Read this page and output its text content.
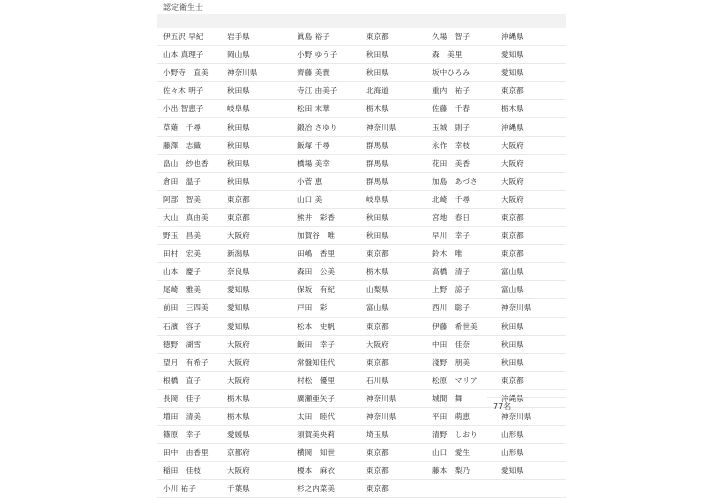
認定衛生士
伊五沢 早紀	岩手県	眞島 裕子	東京都	久場　智子	沖縄県
山本 真理子	岡山県	小野 ゆう子	秋田県	森　美里	愛知県
小野寺　直美	神奈川県	齊藤 美貴	秋田県	坂中ひろみ	愛知県
佐々木 明子	秋田県	寺江 由美子	北海道	重内　祐子	東京都
小出 智恵子	岐阜県	松田 末華	栃木県	佐藤　千春	栃木県
草薙　千尋	秋田県	鍛冶 さゆり	神奈川県	玉城　則子	沖縄県
藤澤　志織	秋田県	飯塚 千尋	群馬県	永作　幸枝	大阪府
畠山　紗也香	秋田県	橋場 美幸	群馬県	花田　美香	大阪府
倉田　温子	秋田県	小菅 恵	群馬県	加島　あづさ	大阪府
阿部　智美	東京都	山口 美	岐阜県	北崎　千尋	大阪府
大山　真由美	東京都	熊井　彩香	秋田県	宮地　春日	東京都
野玉　昌美	大阪府	加賀谷　唯	秋田県	早川　幸子	東京都
田村　宏美	新潟県	田嶋　香里	東京都	鈴木　唯	東京都
山本　慶子	奈良県	森田　公美	栃木県	高橋　清子	富山県
尾崎　雅美	愛知県	保坂　有紀	山梨県	上野　諒子	富山県
前田　三四美	愛知県	戸田　彩	富山県	西川　聡子	神奈川県
石濱　容子	愛知県	松本　史帆	東京都	伊藤　希世美	秋田県
徳野　湖雪	大阪府	飯田　幸子	大阪府	中田　佳奈	秋田県
望月　有希子	大阪府	常盤知佳代	東京都	淺野　朋美	秋田県
根橋　直子	大阪府	村松　優里	石川県	松原　マリア	東京都
長岡　佳子	栃木県	廣瀬亜矢子	神奈川県	城間　舞	沖縄県
増田　清美	栃木県	太田　睦代	神奈川県	平田　萌恵	神奈川県
篠原　幸子	愛媛県	須賀美央莉	埼玉県	清野　しおり	山形県
田中　由香里	京都府	横岡　知世	東京都	山口　愛生	山形県
稲田　佳枝	大阪府	榎本　麻衣	東京都	藤本　梨乃	愛知県
小川 祐子	千葉県	杉之内菜美	東京都		
77名
